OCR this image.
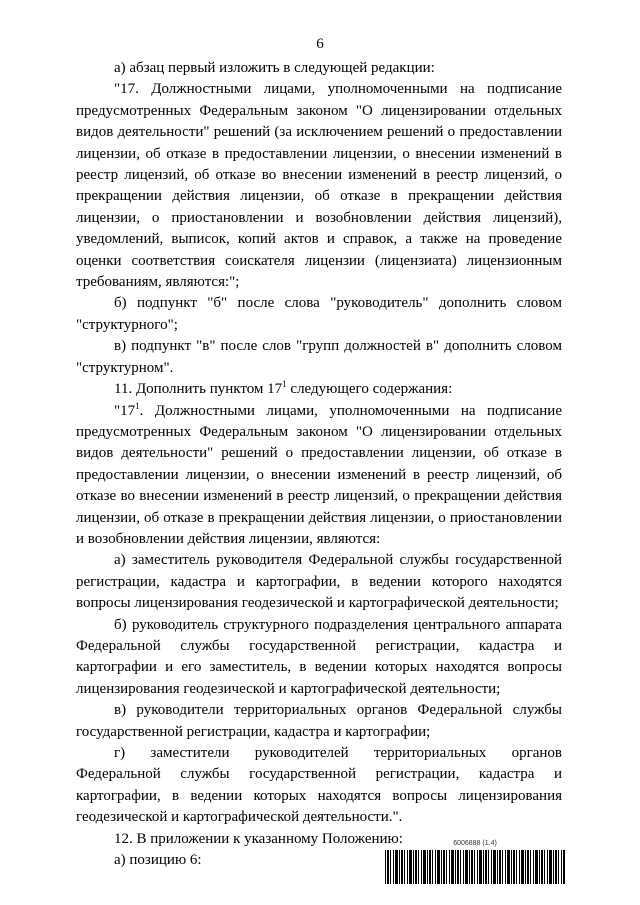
6

а) абзац первый изложить в следующей редакции:

"17. Должностными лицами, уполномоченными на подписание предусмотренных Федеральным законом "О лицензировании отдельных видов деятельности" решений (за исключением решений о предоставлении лицензии, об отказе в предоставлении лицензии, о внесении изменений в реестр лицензий, об отказе во внесении изменений в реестр лицензий, о прекращении действия лицензии, об отказе в прекращении действия лицензии, о приостановлении и возобновлении действия лицензий), уведомлений, выписок, копий актов и справок, а также на проведение оценки соответствия соискателя лицензии (лицензиата) лицензионным требованиям, являются:";

б) подпункт "б" после слова "руководитель" дополнить словом "структурного";

в) подпункт "в" после слов "групп должностей в" дополнить словом "структурном".

11. Дополнить пунктом $17^1$ следующего содержания:

"$17^1$. Должностными лицами, уполномоченными на подписание предусмотренных Федеральным законом "О лицензировании отдельных видов деятельности" решений о предоставлении лицензии, об отказе в предоставлении лицензии, о внесении изменений в реестр лицензий, об отказе во внесении изменений в реестр лицензий, о прекращении действия лицензии, об отказе в прекращении действия лицензии, о приостановлении и возобновлении действия лицензии, являются:

а) заместитель руководителя Федеральной службы государственной регистрации, кадастра и картографии, в ведении которого находятся вопросы лицензирования геодезической и картографической деятельности;

б) руководитель структурного подразделения центрального аппарата Федеральной службы государственной регистрации, кадастра и картографии и его заместитель, в ведении которых находятся вопросы лицензирования геодезической и картографической деятельности;

в) руководители территориальных органов Федеральной службы государственной регистрации, кадастра и картографии;

г) заместители руководителей территориальных органов Федеральной службы государственной регистрации, кадастра и картографии, в ведении которых находятся вопросы лицензирования геодезической и картографической деятельности.".

12. В приложении к указанному Положению:

а) позицию 6:

6006888 (1.4)
